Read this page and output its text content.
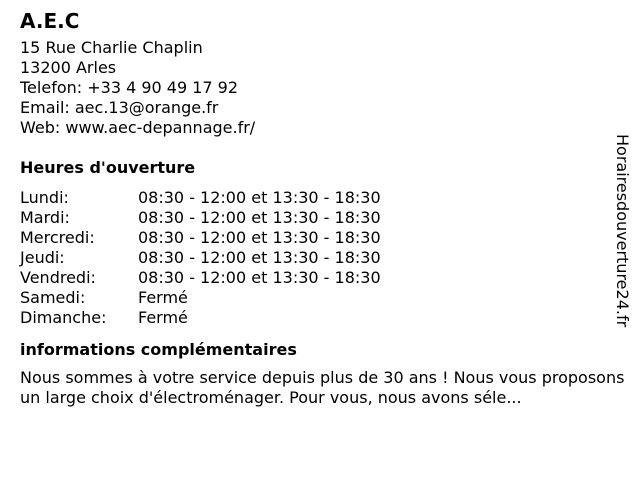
A.E.C
15 Rue Charlie Chaplin
13200 Arles
Telefon: +33 4 90 49 17 92
Email: aec.13@orange.fr
Web: www.aec-depannage.fr/
Heures d'ouverture
Lundi:	08:30 - 12:00 et 13:30 - 18:30
Mardi:	08:30 - 12:00 et 13:30 - 18:30
Mercredi:	08:30 - 12:00 et 13:30 - 18:30
Jeudi:	08:30 - 12:00 et 13:30 - 18:30
Vendredi:	08:30 - 12:00 et 13:30 - 18:30
Samedi:	Fermé
Dimanche:	Fermé
informations complémentaires
Nous sommes à votre service depuis plus de 30 ans ! Nous vous proposons un large choix d'électroménager. Pour vous, nous avons séle...
Horairesdouverture24.fr
